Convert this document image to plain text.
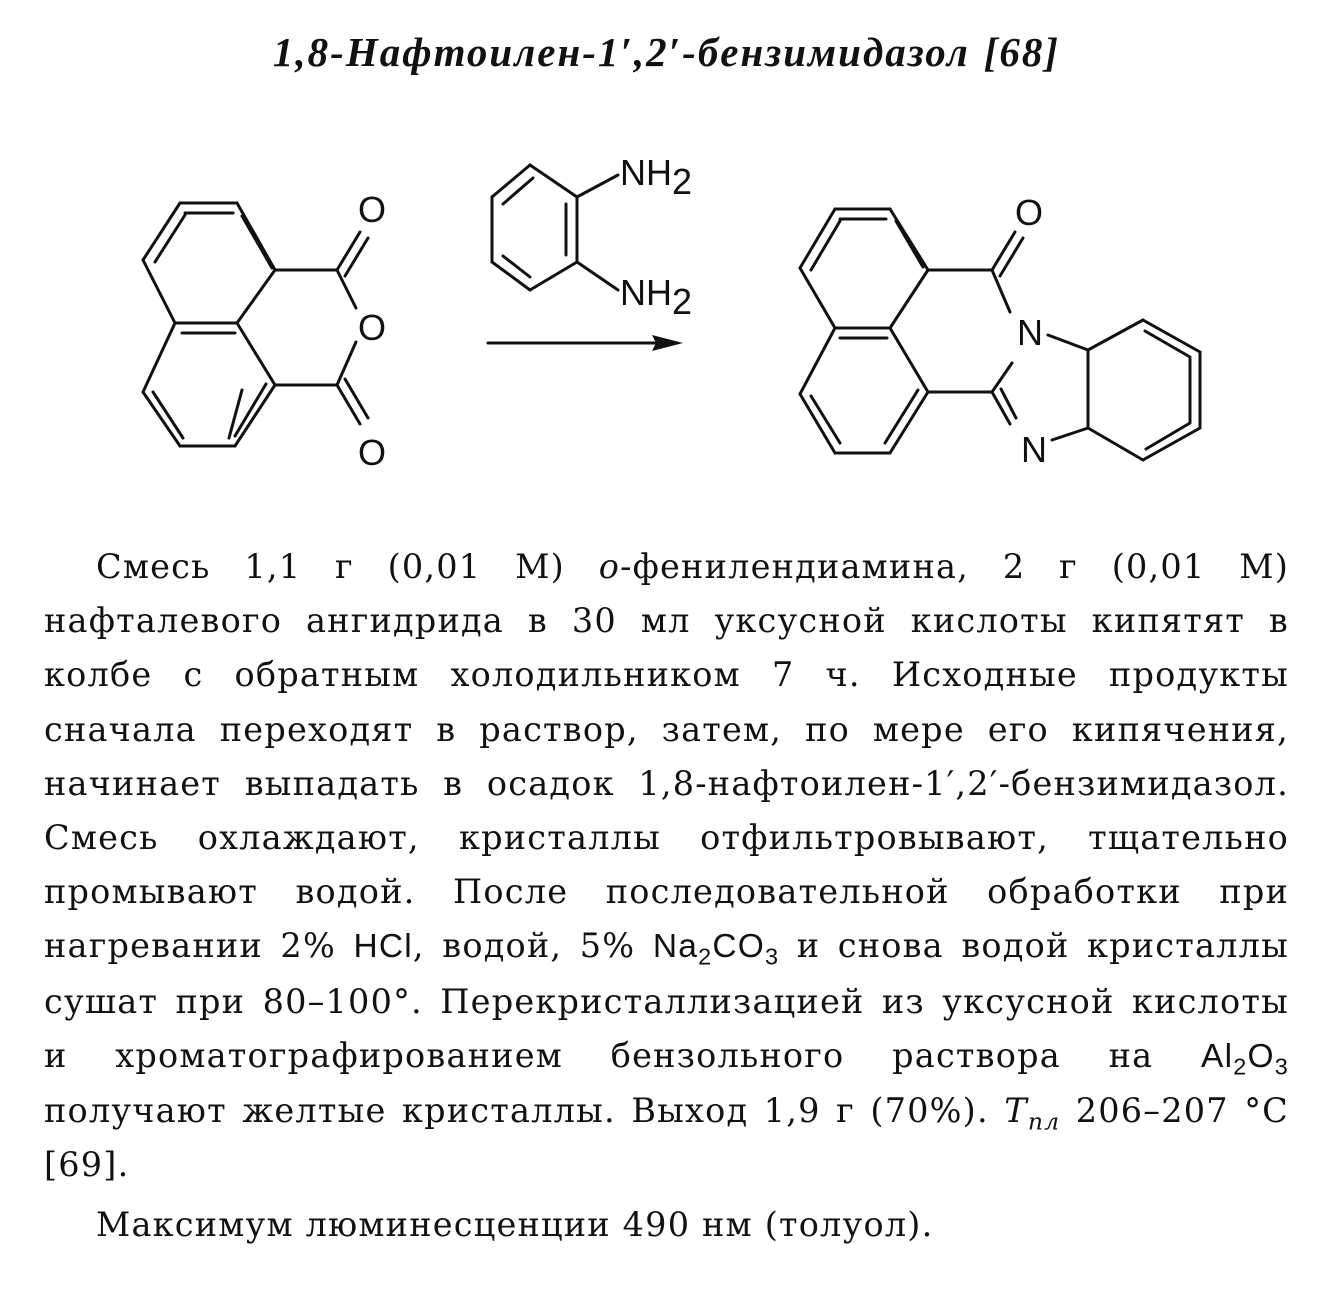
1,8-Нафтоилен-1′,2′-бензимидазол [68]
O
O
O
NH2
NH2
O
N
N

Смесь 1,1 г (0,01 М) о-фенилендиамина, 2 г (0,01 М) нафталевого ангидрида в 30 мл уксусной кислоты кипятят в колбе с обратным холодильником 7 ч. Исходные продукты сначала переходят в раствор, затем, по мере его кипячения, начинает выпадать в осадок 1,8-нафтоилен-1′,2′-бензимидазол. Смесь охлаждают, кристаллы отфильтровывают, тщательно промывают водой. После последовательной обработки при нагревании 2% HCl, водой, 5% $Na_2CO_3$ и снова водой кристаллы сушат при 80–100°. Перекристаллизацией из уксусной кислоты и хроматографированием бензольного раствора на $Al_2O_3$ получают желтые кристаллы. Выход 1,9 г (70%). $T_{пл}$ 206–207 °С [69].

Максимум люминесценции 490 нм (толуол).
